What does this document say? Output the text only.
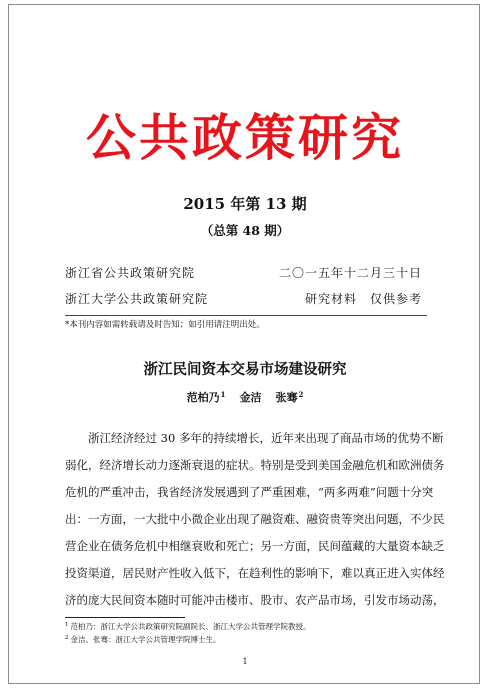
公共政策研究
2015 年第 13 期
（总第 48 期）
浙江省公共政策研究院	二〇一五年十二月三十日
浙江大学公共政策研究院	研究材料　仅供参考
*本刊内容如需转载请及时告知；如引用请注明出处。
浙江民间资本交易市场建设研究
范柏乃$^1$ 金洁 张骞$^2$
浙江经济经过 30 多年的持续增长，近年来出现了商品市场的优势不断
弱化，经济增长动力逐渐衰退的症状。特别是受到美国金融危机和欧洲债务
危机的严重冲击，我省经济发展遇到了严重困难，“两多两难”问题十分突
出：一方面，一大批中小微企业出现了融资难、融资贵等突出问题，不少民
营企业在债务危机中相继衰败和死亡；另一方面，民间蕴藏的大量资本缺乏
投资渠道，居民财产性收入低下，在趋利性的影响下，难以真正进入实体经
济的庞大民间资本随时可能冲击楼市、股市、农产品市场，引发市场动荡，
$^1$ 范柏乃：浙江大学公共政策研究院副院长、浙江大学公共管理学院教授。
$^2$ 金洁、张骞：浙江大学公共管理学院博士生。
1
